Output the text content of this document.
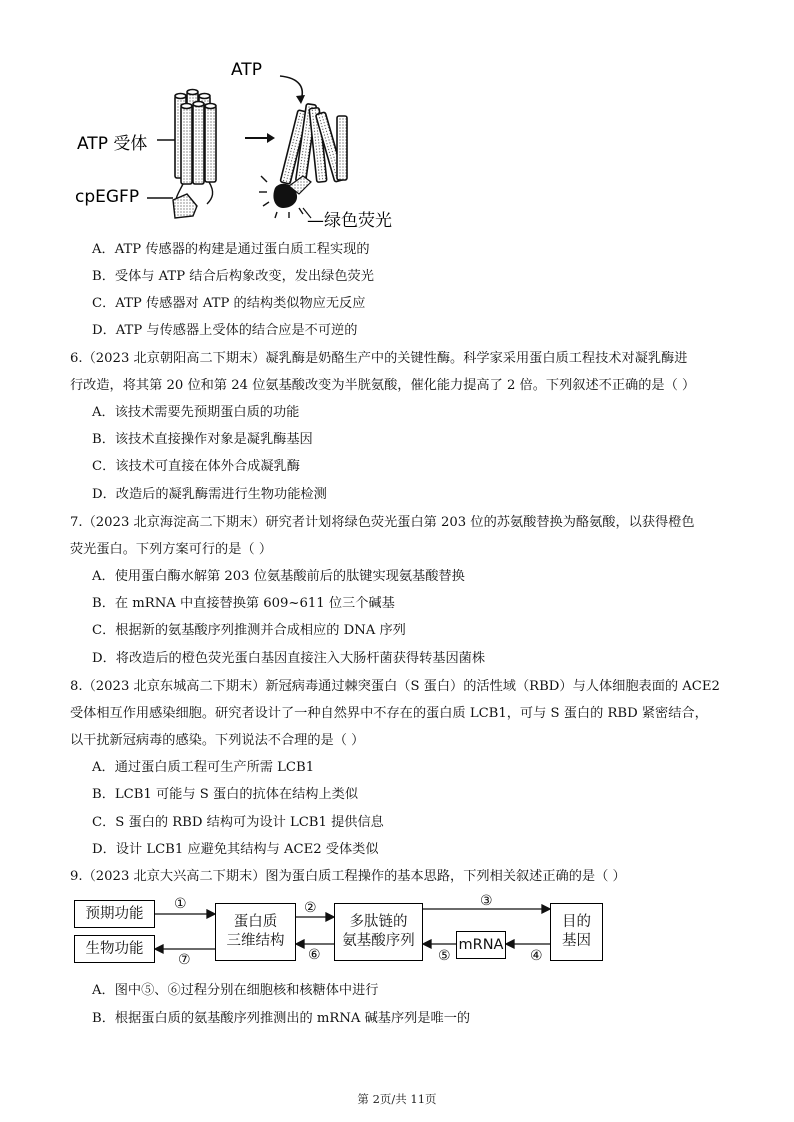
ATP
ATP 受体
cpEGFP
—绿色荧光
A．ATP 传感器的构建是通过蛋白质工程实现的
B．受体与 ATP 结合后构象改变，发出绿色荧光
C．ATP 传感器对 ATP 的结构类似物应无反应
D．ATP 与传感器上受体的结合应是不可逆的
6.（2023 北京朝阳高二下期末）凝乳酶是奶酪生产中的关键性酶。科学家采用蛋白质工程技术对凝乳酶进
行改造，将其第 20 位和第 24 位氨基酸改变为半胱氨酸，催化能力提高了 2 倍。下列叙述不正确的是（ ）
A．该技术需要先预期蛋白质的功能
B．该技术直接操作对象是凝乳酶基因
C．该技术可直接在体外合成凝乳酶
D．改造后的凝乳酶需进行生物功能检测
7.（2023 北京海淀高二下期末）研究者计划将绿色荧光蛋白第 203 位的苏氨酸替换为酪氨酸，以获得橙色
荧光蛋白。下列方案可行的是（ ）
A．使用蛋白酶水解第 203 位氨基酸前后的肽键实现氨基酸替换
B．在 mRNA 中直接替换第 609~611 位三个碱基
C．根据新的氨基酸序列推测并合成相应的 DNA 序列
D．将改造后的橙色荧光蛋白基因直接注入大肠杆菌获得转基因菌株
8.（2023 北京东城高二下期末）新冠病毒通过棘突蛋白（S 蛋白）的活性域（RBD）与人体细胞表面的 ACE2
受体相互作用感染细胞。研究者设计了一种自然界中不存在的蛋白质 LCB1，可与 S 蛋白的 RBD 紧密结合，
以干扰新冠病毒的感染。下列说法不合理的是（ ）
A．通过蛋白质工程可生产所需 LCB1
B．LCB1 可能与 S 蛋白的抗体在结构上类似
C．S 蛋白的 RBD 结构可为设计 LCB1 提供信息
D．设计 LCB1 应避免其结构与 ACE2 受体类似
9.（2023 北京大兴高二下期末）图为蛋白质工程操作的基本思路，下列相关叙述正确的是（ ）
预期功能
生物功能
蛋白质
三维结构
多肽链的
氨基酸序列	mRNA
目的
基因
①	②	③
④
⑤
⑥
⑦
A．图中⑤、⑥过程分别在细胞核和核糖体中进行
B．根据蛋白质的氨基酸序列推测出的 mRNA 碱基序列是唯一的
第 2页/共 11页
